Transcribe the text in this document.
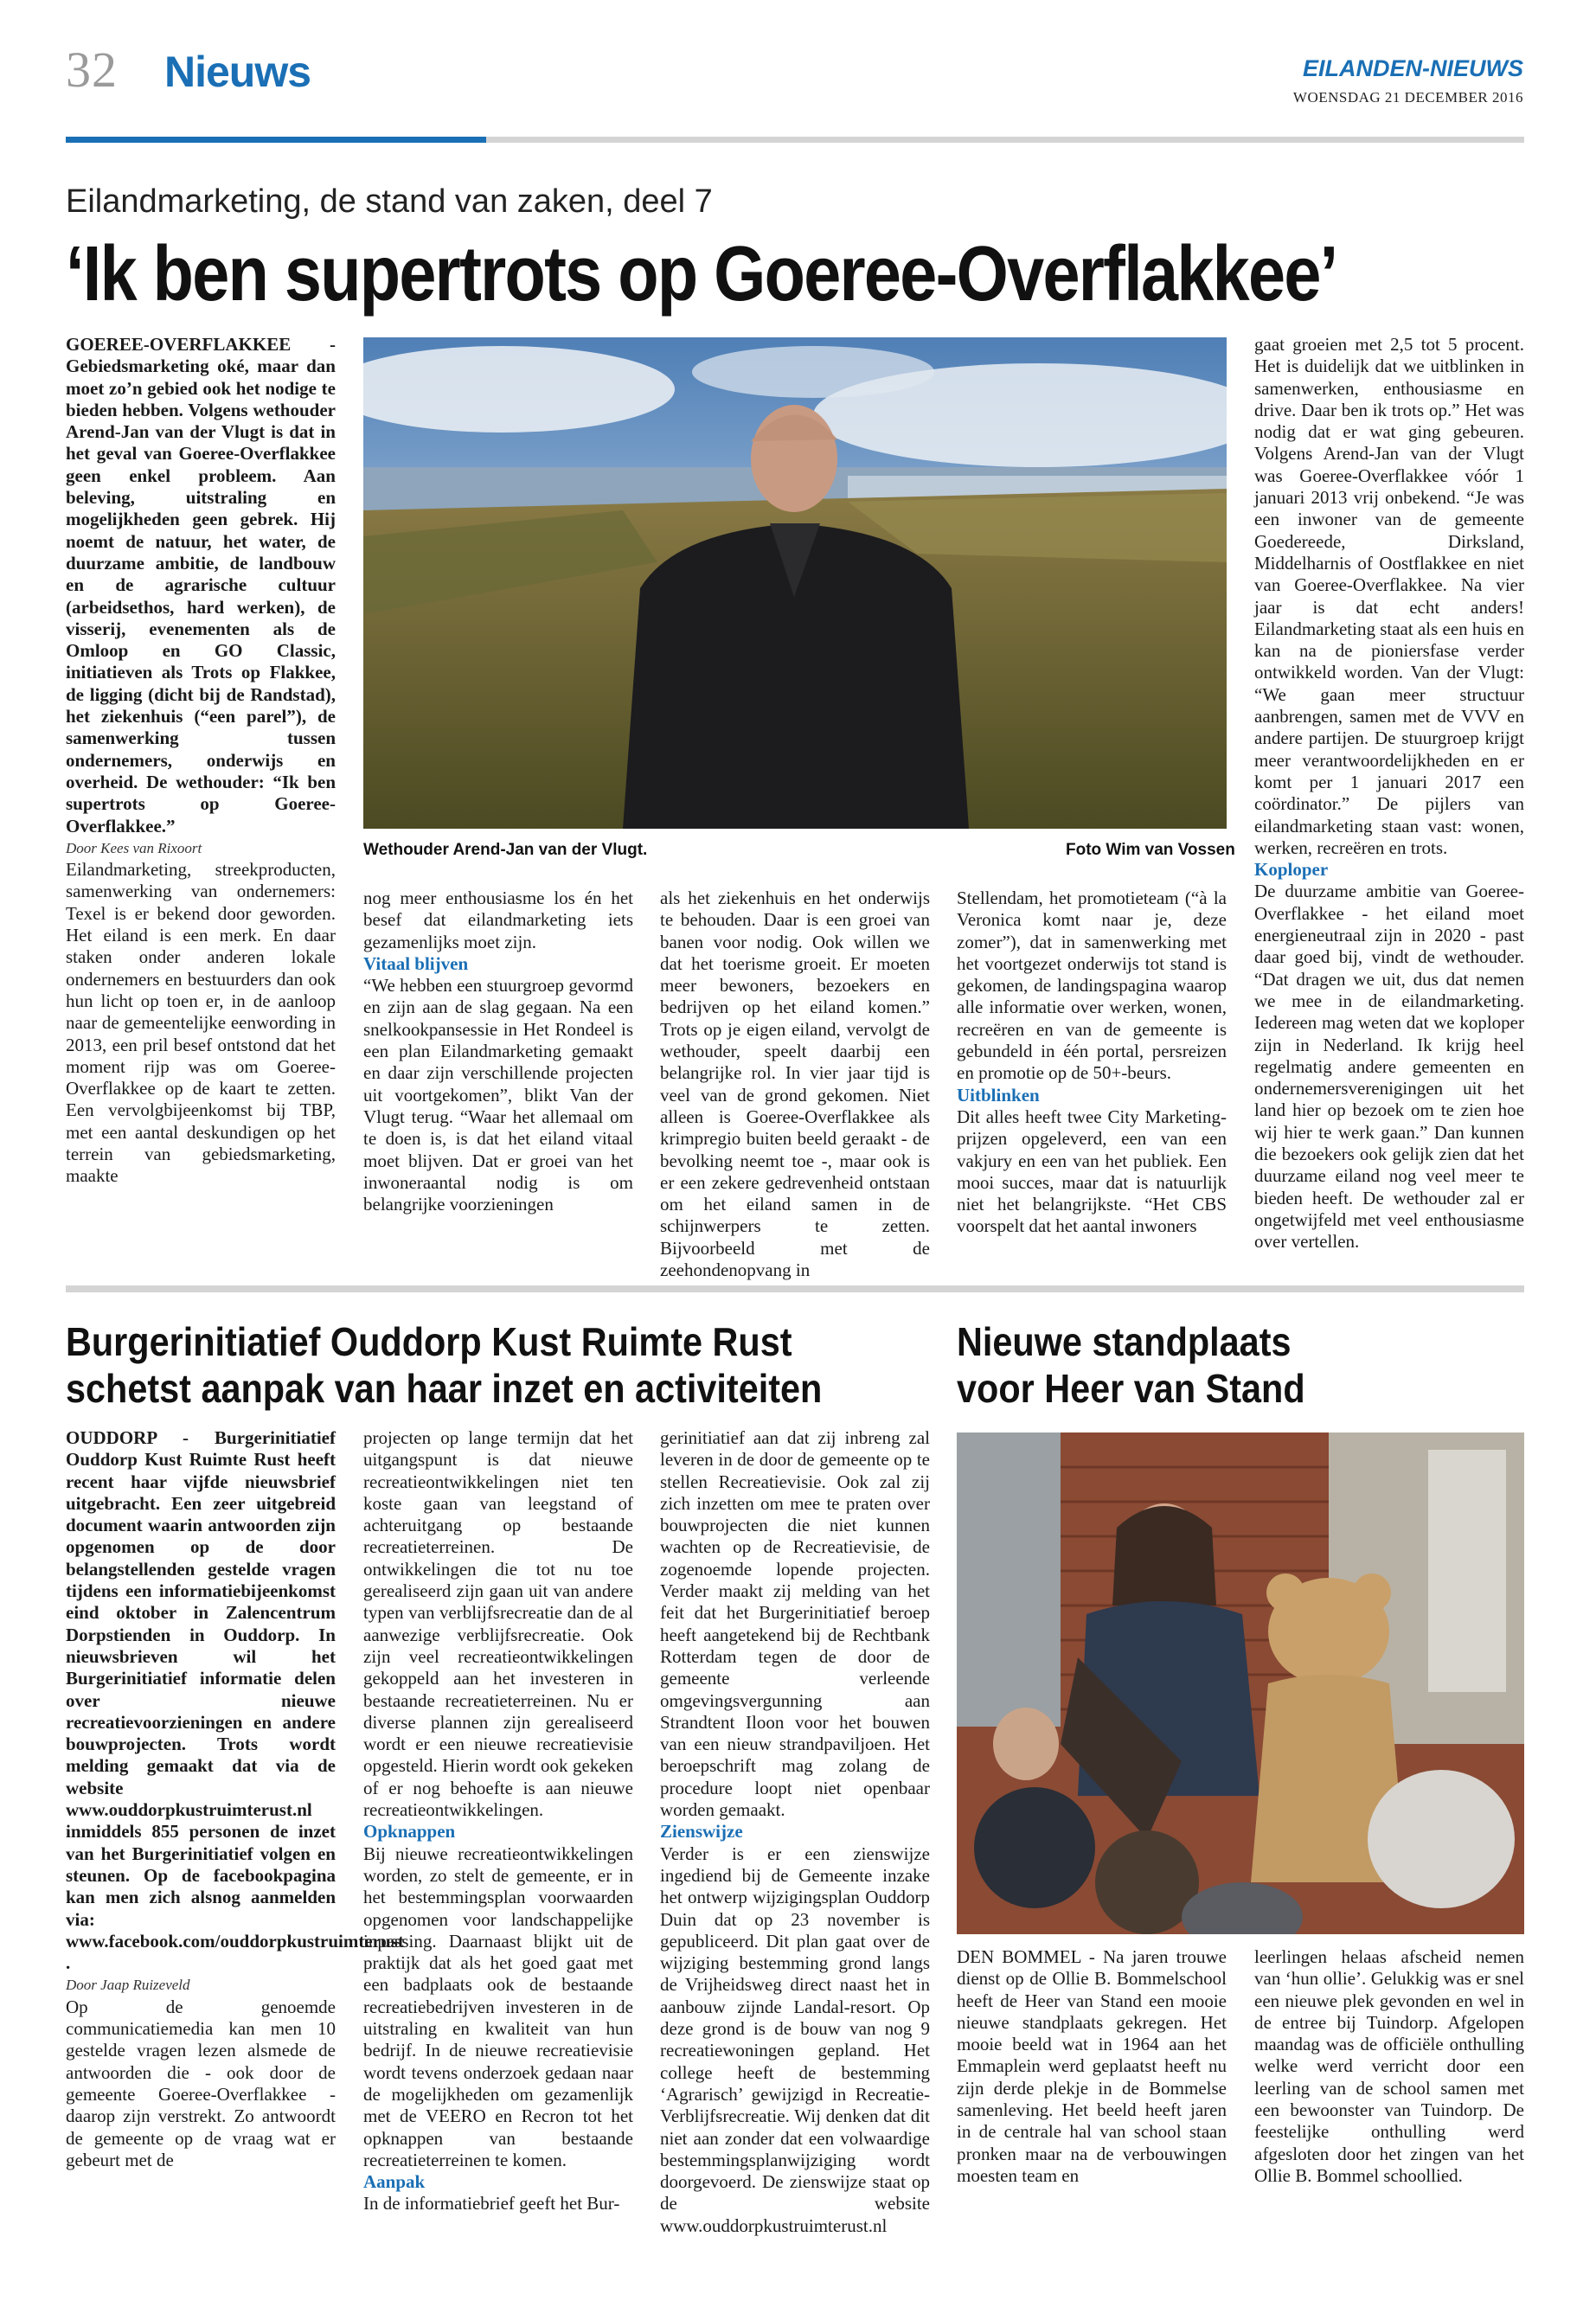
32 Nieuws	EILANDEN-NIEUWS
WOENSDAG 21 DECEMBER 2016
Eilandmarketing, de stand van zaken, deel 7
‘Ik ben supertrots op Goeree-Overflakkee’

GOEREE-OVERFLAKKEE - Gebiedsmarketing oké, maar dan moet zo’n gebied ook het nodige te bieden hebben. Volgens wethouder Arend-Jan van der Vlugt is dat in het geval van Goeree-Overflakkee geen enkel probleem. Aan beleving, uitstraling en mogelijkheden geen gebrek. Hij noemt de natuur, het water, de duurzame ambitie, de landbouw en de agrarische cultuur (arbeidsethos, hard werken), de visserij, evenementen als de Omloop en GO Classic, initiatieven als Trots op Flakkee, de ligging (dicht bij de Randstad), het ziekenhuis (“een parel”), de samenwerking tussen ondernemers, onderwijs en overheid. De wethouder: “Ik ben supertrots op Goeree-Overflakkee.”

Door Kees van Rixoort

Eilandmarketing, streekproducten, samenwerking van ondernemers: Texel is er bekend door geworden. Het eiland is een merk. En daar staken onder anderen lokale ondernemers en bestuurders dan ook hun licht op toen er, in de aanloop naar de gemeentelijke eenwording in 2013, een pril besef ontstond dat het moment rijp was om Goeree-Overflakkee op de kaart te zetten. Een vervolgbijeenkomst bij TBP, met een aantal deskundigen op het terrein van gebiedsmarketing, maakte

Wethouder Arend-Jan van der Vlugt.	Foto Wim van Vossen

nog meer enthousiasme los én het besef dat eilandmarketing iets gezamenlijks moet zijn.

Vitaal blijven

“We hebben een stuurgroep gevormd en zijn aan de slag gegaan. Na een snelkookpansessie in Het Rondeel is een plan Eilandmarketing gemaakt en daar zijn verschillende projecten uit voortgekomen”, blikt Van der Vlugt terug. “Waar het allemaal om te doen is, is dat het eiland vitaal moet blijven. Dat er groei van het inwoneraantal nodig is om belangrijke voorzieningen

als het ziekenhuis en het onderwijs te behouden. Daar is een groei van banen voor nodig. Ook willen we dat het toerisme groeit. Er moeten meer bewoners, bezoekers en bedrijven op het eiland komen.” Trots op je eigen eiland, vervolgt de wethouder, speelt daarbij een belangrijke rol. In vier jaar tijd is veel van de grond gekomen. Niet alleen is Goeree-Overflakkee als krimpregio buiten beeld geraakt - de bevolking neemt toe -, maar ook is er een zekere gedrevenheid ontstaan om het eiland samen in de schijnwerpers te zetten. Bijvoorbeeld met de zeehondenopvang in

Stellendam, het promotieteam (“à la Veronica komt naar je, deze zomer”), dat in samenwerking met het voortgezet onderwijs tot stand is gekomen, de landingspagina waarop alle informatie over werken, wonen, recreëren en van de gemeente is gebundeld in één portal, persreizen en promotie op de 50+-beurs.

Uitblinken

Dit alles heeft twee City Marketing-prijzen opgeleverd, een van een vakjury en een van het publiek. Een mooi succes, maar dat is natuurlijk niet het belangrijkste. “Het CBS voorspelt dat het aantal inwoners

gaat groeien met 2,5 tot 5 procent. Het is duidelijk dat we uitblinken in samenwerken, enthousiasme en drive. Daar ben ik trots op.” Het was nodig dat er wat ging gebeuren. Volgens Arend-Jan van der Vlugt was Goeree-Overflakkee vóór 1 januari 2013 vrij onbekend. “Je was een inwoner van de gemeente Goedereede, Dirksland, Middelharnis of Oostflakkee en niet van Goeree-Overflakkee. Na vier jaar is dat echt anders! Eilandmarketing staat als een huis en kan na de pioniersfase verder ontwikkeld worden. Van der Vlugt: “We gaan meer structuur aanbrengen, samen met de VVV en andere partijen. De stuurgroep krijgt meer verantwoordelijkheden en er komt per 1 januari 2017 een coördinator.” De pijlers van eilandmarketing staan vast: wonen, werken, recreëren en trots.

Koploper

De duurzame ambitie van Goeree-Overflakkee - het eiland moet energieneutraal zijn in 2020 - past daar goed bij, vindt de wethouder. “Dat dragen we uit, dus dat nemen we mee in de eilandmarketing. Iedereen mag weten dat we koploper zijn in Nederland. Ik krijg heel regelmatig andere gemeenten en ondernemersverenigingen uit het land hier op bezoek om te zien hoe wij hier te werk gaan.” Dan kunnen die bezoekers ook gelijk zien dat het duurzame eiland nog veel meer te bieden heeft. De wethouder zal er ongetwijfeld met veel enthousiasme over vertellen.

Burgerinitiatief Ouddorp Kust Ruimte Rust
schetst aanpak van haar inzet en activiteiten

OUDDORP - Burgerinitiatief Ouddorp Kust Ruimte Rust heeft recent haar vijfde nieuwsbrief uitgebracht. Een zeer uitgebreid document waarin antwoorden zijn opgenomen op de door belangstellenden gestelde vragen tijdens een informatiebijeenkomst eind oktober in Zalencentrum Dorpstienden in Ouddorp. In nieuwsbrieven wil het Burgerinitiatief informatie delen over nieuwe recreatievoorzieningen en andere bouwprojecten. Trots wordt melding gemaakt dat via de website www.ouddorpkustruimterust.nl inmiddels 855 personen de inzet van het Burgerinitiatief volgen en steunen. Op de facebookpagina kan men zich alsnog aanmelden via: www.facebook.com/ouddorpkustruimterust .

Door Jaap Ruizeveld

Op de genoemde communicatiemedia kan men 10 gestelde vragen lezen alsmede de antwoorden die - ook door de gemeente Goeree-Overflakkee - daarop zijn verstrekt. Zo antwoordt de gemeente op de vraag wat er gebeurt met de

projecten op lange termijn dat het uitgangspunt is dat nieuwe recreatieontwikkelingen niet ten koste gaan van leegstand of achteruitgang op bestaande recreatieterreinen. De ontwikkelingen die tot nu toe gerealiseerd zijn gaan uit van andere typen van verblijfsrecreatie dan de al aanwezige verblijfsrecreatie. Ook zijn veel recreatieontwikkelingen gekoppeld aan het investeren in bestaande recreatieterreinen. Nu er diverse plannen zijn gerealiseerd wordt er een nieuwe recreatievisie opgesteld. Hierin wordt ook gekeken of er nog behoefte is aan nieuwe recreatieontwikkelingen.

Opknappen

Bij nieuwe recreatieontwikkelingen worden, zo stelt de gemeente, er in het bestemmingsplan voorwaarden opgenomen voor landschappelijke inpassing. Daarnaast blijkt uit de praktijk dat als het goed gaat met een badplaats ook de bestaande recreatiebedrijven investeren in de uitstraling en kwaliteit van hun bedrijf. In de nieuwe recreatievisie wordt tevens onderzoek gedaan naar de mogelijkheden om gezamenlijk met de VEERO en Recron tot het opknappen van bestaande recreatieterreinen te komen.

Aanpak

In de informatiebrief geeft het Bur-

gerinitiatief aan dat zij inbreng zal leveren in de door de gemeente op te stellen Recreatievisie. Ook zal zij zich inzetten om mee te praten over bouwprojecten die niet kunnen wachten op de Recreatievisie, de zogenoemde lopende projecten. Verder maakt zij melding van het feit dat het Burgerinitiatief beroep heeft aangetekend bij de Rechtbank Rotterdam tegen de door de gemeente verleende omgevingsvergunning aan Strandtent Iloon voor het bouwen van een nieuw strandpaviljoen. Het beroepschrift mag zolang de procedure loopt niet openbaar worden gemaakt.

Zienswijze

Verder is er een zienswijze ingediend bij de Gemeente inzake het ontwerp wijzigingsplan Ouddorp Duin dat op 23 november is gepubliceerd. Dit plan gaat over de wijziging bestemming grond langs de Vrijheidsweg direct naast het in aanbouw zijnde Landal-resort. Op deze grond is de bouw van nog 9 recreatiewoningen gepland. Het college heeft de bestemming ‘Agrarisch’ gewijzigd in Recreatie-Verblijfsrecreatie. Wij denken dat dit niet aan zonder dat een volwaardige bestemmingsplanwijziging wordt doorgevoerd. De zienswijze staat op de website www.ouddorpkustruimterust.nl

Nieuwe standplaats
voor Heer van Stand

DEN BOMMEL - Na jaren trouwe dienst op de Ollie B. Bommelschool heeft de Heer van Stand een mooie nieuwe standplaats gekregen. Het mooie beeld wat in 1964 aan het Emmaplein werd geplaatst heeft nu zijn derde plekje in de Bommelse samenleving. Het beeld heeft jaren in de centrale hal van school staan pronken maar na de verbouwingen moesten team en

leerlingen helaas afscheid nemen van ‘hun ollie’. Gelukkig was er snel een nieuwe plek gevonden en wel in de entree bij Tuindorp. Afgelopen maandag was de officiële onthulling welke werd verricht door een leerling van de school samen met een bewoonster van Tuindorp. De feestelijke onthulling werd afgesloten door het zingen van het Ollie B. Bommel schoollied.
